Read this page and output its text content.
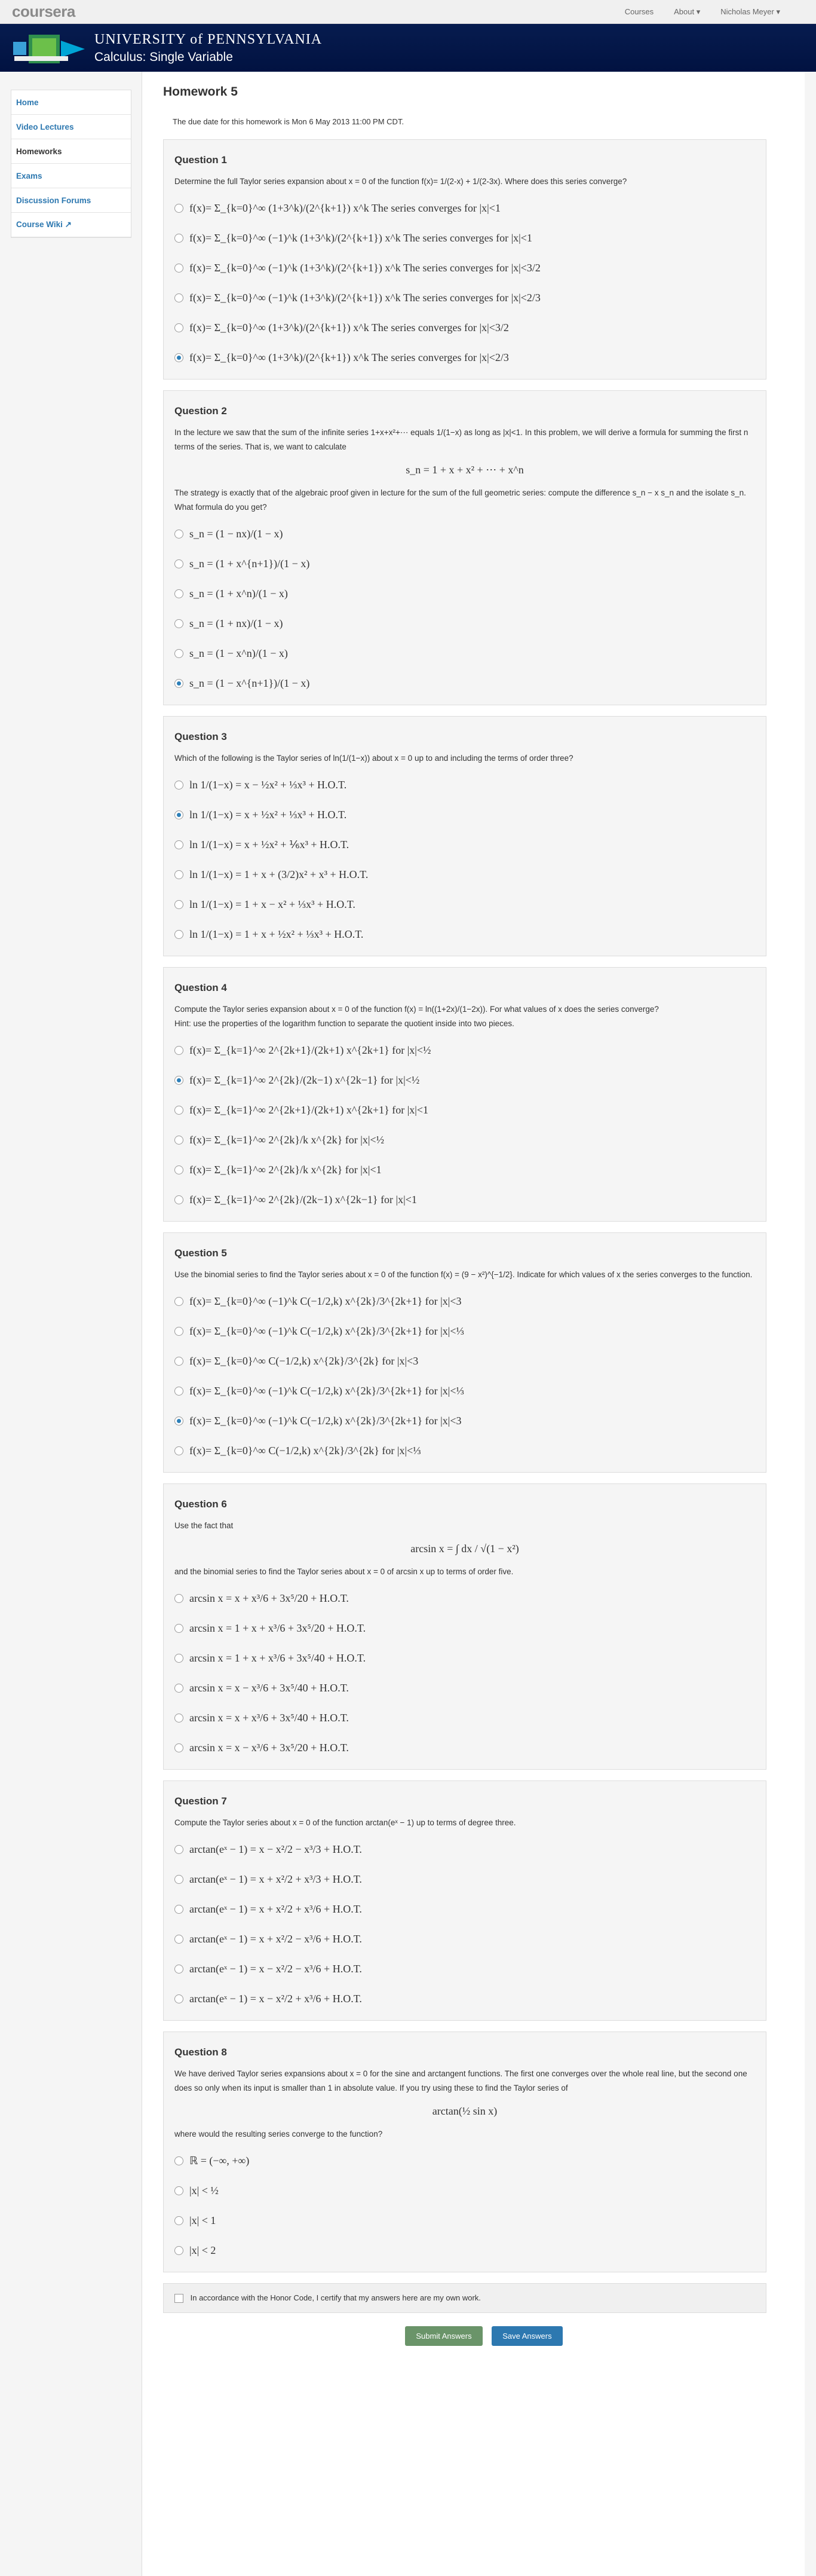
coursera	Courses	About ▾	Nicholas Meyer ▾
UNIVERSITY of PENNSYLVANIA
Calculus: Single Variable
Home
Video Lectures
Homeworks
Exams
Discussion Forums
Course Wiki ↗
Homework 5
The due date for this homework is Mon 6 May 2013 11:00 PM CDT.
Question 1
Determine the full Taylor series expansion about x = 0 of the function f(x)= 1/(2-x) + 1/(2-3x). Where does this series converge?
f(x)= Σ_{k=0}^∞ (1+3^k)/(2^{k+1}) x^k The series converges for |x|<1
f(x)= Σ_{k=0}^∞ (−1)^k (1+3^k)/(2^{k+1}) x^k The series converges for |x|<1
f(x)= Σ_{k=0}^∞ (−1)^k (1+3^k)/(2^{k+1}) x^k The series converges for |x|<3/2
f(x)= Σ_{k=0}^∞ (−1)^k (1+3^k)/(2^{k+1}) x^k The series converges for |x|<2/3
f(x)= Σ_{k=0}^∞ (1+3^k)/(2^{k+1}) x^k The series converges for |x|<3/2
f(x)= Σ_{k=0}^∞ (1+3^k)/(2^{k+1}) x^k The series converges for |x|<2/3
Question 2
In the lecture we saw that the sum of the infinite series 1+x+x²+⋯ equals 1/(1−x) as long as |x|<1. In this problem, we will derive a formula for summing the first n terms of the series. That is, we want to calculate
s_n = 1 + x + x² + ⋯ + x^n
The strategy is exactly that of the algebraic proof given in lecture for the sum of the full geometric series: compute the difference s_n − x s_n and the isolate s_n. What formula do you get?
s_n = (1 − nx)/(1 − x)
s_n = (1 + x^{n+1})/(1 − x)
s_n = (1 + x^n)/(1 − x)
s_n = (1 + nx)/(1 − x)
s_n = (1 − x^n)/(1 − x)
s_n = (1 − x^{n+1})/(1 − x)
Question 3
Which of the following is the Taylor series of ln(1/(1−x)) about x = 0 up to and including the terms of order three?
ln 1/(1−x) = x − ½x² + ⅓x³ + H.O.T.
ln 1/(1−x) = x + ½x² + ⅓x³ + H.O.T.
ln 1/(1−x) = x + ½x² + ⅙x³ + H.O.T.
ln 1/(1−x) = 1 + x + (3/2)x² + x³ + H.O.T.
ln 1/(1−x) = 1 + x − x² + ⅓x³ + H.O.T.
ln 1/(1−x) = 1 + x + ½x² + ⅓x³ + H.O.T.
Question 4
Compute the Taylor series expansion about x = 0 of the function f(x) = ln((1+2x)/(1−2x)). For what values of x does the series converge?
Hint: use the properties of the logarithm function to separate the quotient inside into two pieces.
f(x)= Σ_{k=1}^∞ 2^{2k+1}/(2k+1) x^{2k+1} for |x|<½
f(x)= Σ_{k=1}^∞ 2^{2k}/(2k−1) x^{2k−1} for |x|<½
f(x)= Σ_{k=1}^∞ 2^{2k+1}/(2k+1) x^{2k+1} for |x|<1
f(x)= Σ_{k=1}^∞ 2^{2k}/k x^{2k} for |x|<½
f(x)= Σ_{k=1}^∞ 2^{2k}/k x^{2k} for |x|<1
f(x)= Σ_{k=1}^∞ 2^{2k}/(2k−1) x^{2k−1} for |x|<1
Question 5
Use the binomial series to find the Taylor series about x = 0 of the function f(x) = (9 − x²)^{−1/2}. Indicate for which values of x the series converges to the function.
f(x)= Σ_{k=0}^∞ (−1)^k C(−1/2,k) x^{2k}/3^{2k+1} for |x|<3
f(x)= Σ_{k=0}^∞ (−1)^k C(−1/2,k) x^{2k}/3^{2k+1} for |x|<⅓
f(x)= Σ_{k=0}^∞ C(−1/2,k) x^{2k}/3^{2k} for |x|<3
f(x)= Σ_{k=0}^∞ (−1)^k C(−1/2,k) x^{2k}/3^{2k+1} for |x|<⅓
f(x)= Σ_{k=0}^∞ (−1)^k C(−1/2,k) x^{2k}/3^{2k+1} for |x|<3
f(x)= Σ_{k=0}^∞ C(−1/2,k) x^{2k}/3^{2k} for |x|<⅓
Question 6
Use the fact that
arcsin x = ∫ dx / √(1 − x²)
and the binomial series to find the Taylor series about x = 0 of arcsin x up to terms of order five.
arcsin x = x + x³/6 + 3x⁵/20 + H.O.T.
arcsin x = 1 + x + x³/6 + 3x⁵/20 + H.O.T.
arcsin x = 1 + x + x³/6 + 3x⁵/40 + H.O.T.
arcsin x = x − x³/6 + 3x⁵/40 + H.O.T.
arcsin x = x + x³/6 + 3x⁵/40 + H.O.T.
arcsin x = x − x³/6 + 3x⁵/20 + H.O.T.
Question 7
Compute the Taylor series about x = 0 of the function arctan(eˣ − 1) up to terms of degree three.
arctan(eˣ − 1) = x − x²/2 − x³/3 + H.O.T.
arctan(eˣ − 1) = x + x²/2 + x³/3 + H.O.T.
arctan(eˣ − 1) = x + x²/2 + x³/6 + H.O.T.
arctan(eˣ − 1) = x + x²/2 − x³/6 + H.O.T.
arctan(eˣ − 1) = x − x²/2 − x³/6 + H.O.T.
arctan(eˣ − 1) = x − x²/2 + x³/6 + H.O.T.
Question 8
We have derived Taylor series expansions about x = 0 for the sine and arctangent functions. The first one converges over the whole real line, but the second one does so only when its input is smaller than 1 in absolute value. If you try using these to find the Taylor series of
arctan(½ sin x)
where would the resulting series converge to the function?
ℝ = (−∞, +∞)
|x| < ½
|x| < 1
|x| < 2
In accordance with the Honor Code, I certify that my answers here are my own work.
Submit Answers	Save Answers
